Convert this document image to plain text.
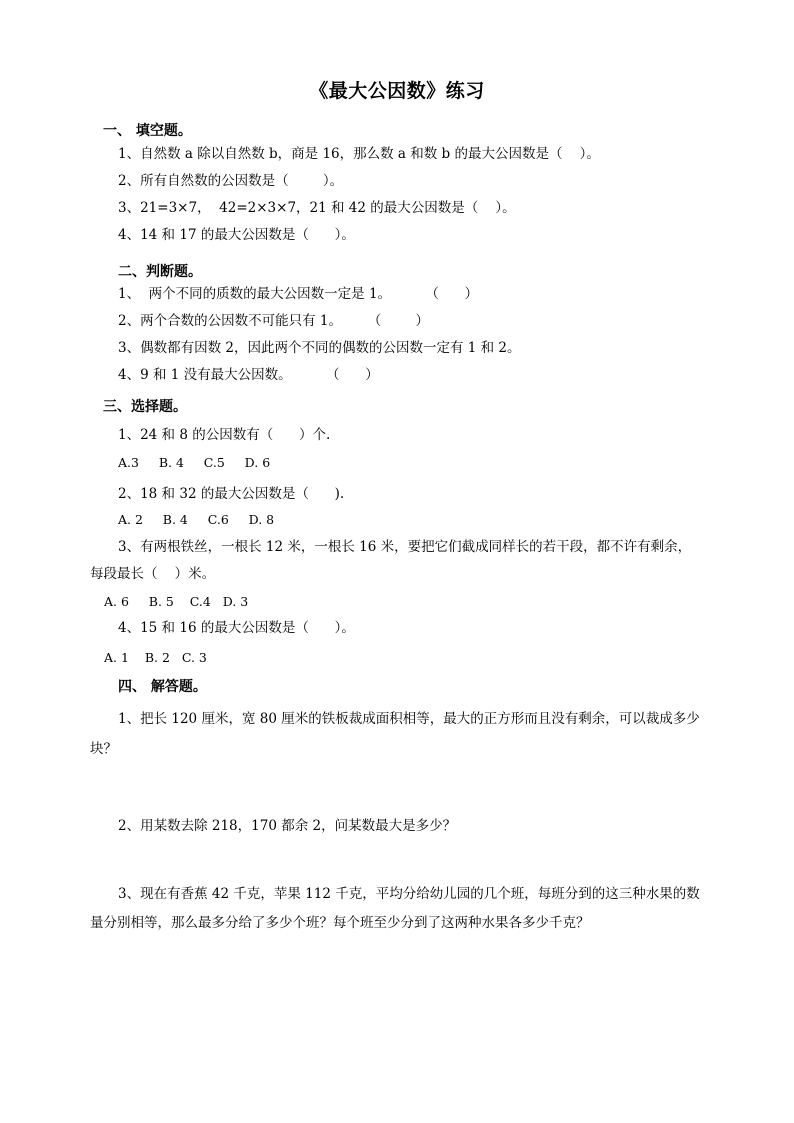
《最大公因数》练习
一、 填空题。
1、自然数 a 除以自然数 b，商是 16，那么数 a 和数 b 的最大公因数是（    ）。
2、所有自然数的公因数是（        ）。
3、21=3×7，  42=2×3×7，21 和 42 的最大公因数是（    ）。
4、14 和 17 的最大公因数是（      ）。
二、判断题。
1、  两个不同的质数的最大公因数一定是 1。        （      ）
2、两个合数的公因数不可能只有 1。      （        ）
3、偶数都有因数 2，因此两个不同的偶数的公因数一定有 1 和 2。
4、9 和 1 没有最大公因数。        （      ）
三、选择题。
1、24 和 8 的公因数有（      ）个.
A.3     B. 4     C.5     D. 6
2、18 和 32 的最大公因数是（      ).
A. 2     B. 4     C.6     D. 8
3、有两根铁丝，一根长 12 米，一根长 16 米，要把它们截成同样长的若干段，都不许有剩余，
每段最长（    ）米。
A. 6     B. 5    C.4   D. 3
4、15 和 16 的最大公因数是（      ）。
A. 1    B. 2   C. 3
四、 解答题。
1、把长 120 厘米，宽 80 厘米的铁板裁成面积相等，最大的正方形而且没有剩余，可以裁成多少
块？
2、用某数去除 218，170 都余 2，问某数最大是多少？
3、现在有香蕉 42 千克，苹果 112 千克，平均分给幼儿园的几个班，每班分到的这三种水果的数
量分别相等，那么最多分给了多少个班？每个班至少分到了这两种水果各多少千克？
